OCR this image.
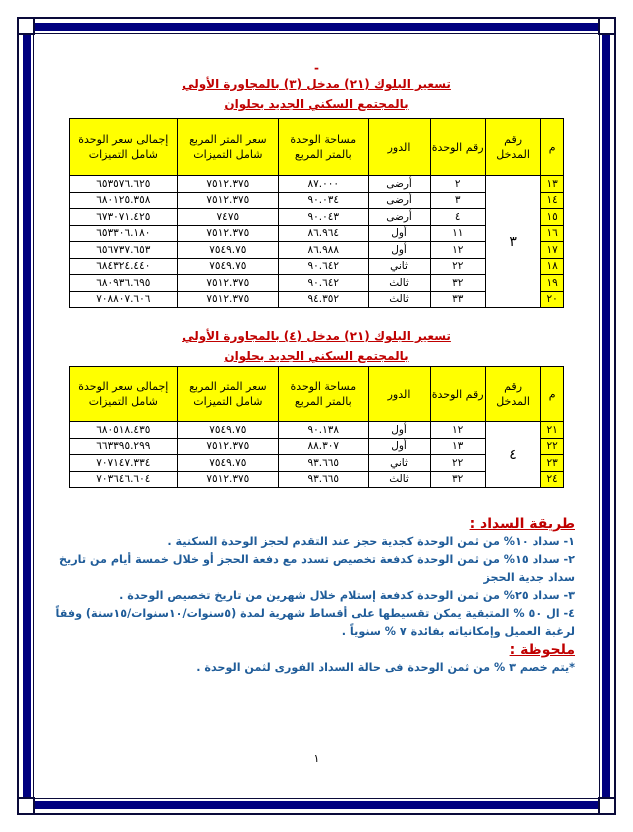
-
تسعير البلوك (٢١) مدخل (٣) بالمجاورة الأولي
بالمجتمع السكني الجديد بحلوان
م	رقم المدخل	رقم الوحدة	الدور	مساحة الوحدة بالمتر المربع	سعر المتر المربع شامل التميزات	إجمالى سعر الوحدة شامل التميزات
١٣	٣	٢	أرضى	٨٧.٠٠٠	٧٥١٢.٣٧٥	٦٥٣٥٧٦.٦٢٥
١٤		٣	أرضى	٩٠.٠٣٤	٧٥١٢.٣٧٥	٦٨٠١٢٥.٣٥٨
١٥		٤	أرضى	٩٠.٠٤٣	٧٤٧٥	٦٧٣٠٧١.٤٢٥
١٦		١١	أول	٨٦.٩٦٤	٧٥١٢.٣٧٥	٦٥٣٣٠٦.١٨٠
١٧		١٢	أول	٨٦.٩٨٨	٧٥٤٩.٧٥	٦٥٦٧٣٧.٦٥٣
١٨		٢٢	ثاني	٩٠.٦٤٢	٧٥٤٩.٧٥	٦٨٤٣٢٤.٤٤٠
١٩		٣٢	ثالث	٩٠.٦٤٢	٧٥١٢.٣٧٥	٦٨٠٩٣٦.٦٩٥
٢٠		٣٣	ثالث	٩٤.٣٥٢	٧٥١٢.٣٧٥	٧٠٨٨٠٧.٦٠٦
تسعير البلوك (٢١) مدخل (٤) بالمجاورة الأولي
بالمجتمع السكني الجديد بحلوان
م	رقم المدخل	رقم الوحدة	الدور	مساحة الوحدة بالمتر المربع	سعر المتر المربع شامل التميزات	إجمالى سعر الوحدة شامل التميزات
٢١	٤	١٢	أول	٩٠.١٣٨	٧٥٤٩.٧٥	٦٨٠٥١٨.٤٣٥
٢٢		١٣	أول	٨٨.٣٠٧	٧٥١٢.٣٧٥	٦٦٣٣٩٥.٢٩٩
٢٣		٢٢	ثاني	٩٣.٦٦٥	٧٥٤٩.٧٥	٧٠٧١٤٧.٣٣٤
٢٤		٣٢	ثالث	٩٣.٦٦٥	٧٥١٢.٣٧٥	٧٠٣٦٤٦.٦٠٤
طريقة السداد :
١- سداد ١٠% من ثمن الوحدة كجدية حجز عند التقدم لحجز الوحدة السكنية .
٢- سداد ١٥% من ثمن الوحدة كدفعة تخصيص تسدد مع دفعة الحجز أو خلال خمسة أيام من تاريخ سداد جدية الحجز
٣- سداد ٢٥% من ثمن الوحدة كدفعة إستلام خلال شهرين من تاريخ تخصيص الوحدة .
٤- ال ٥٠ % المتبقية يمكن تقسيطها على أقساط شهرية لمدة (٥سنوات/١٠سنوات/١٥سنة) وفقاً لرغبة العميل وإمكانياته بفائدة ٧ % سنوياً .
ملحوظة :
*يتم خصم ٣ % من ثمن الوحدة فى حالة السداد الفورى لثمن الوحدة .
١
